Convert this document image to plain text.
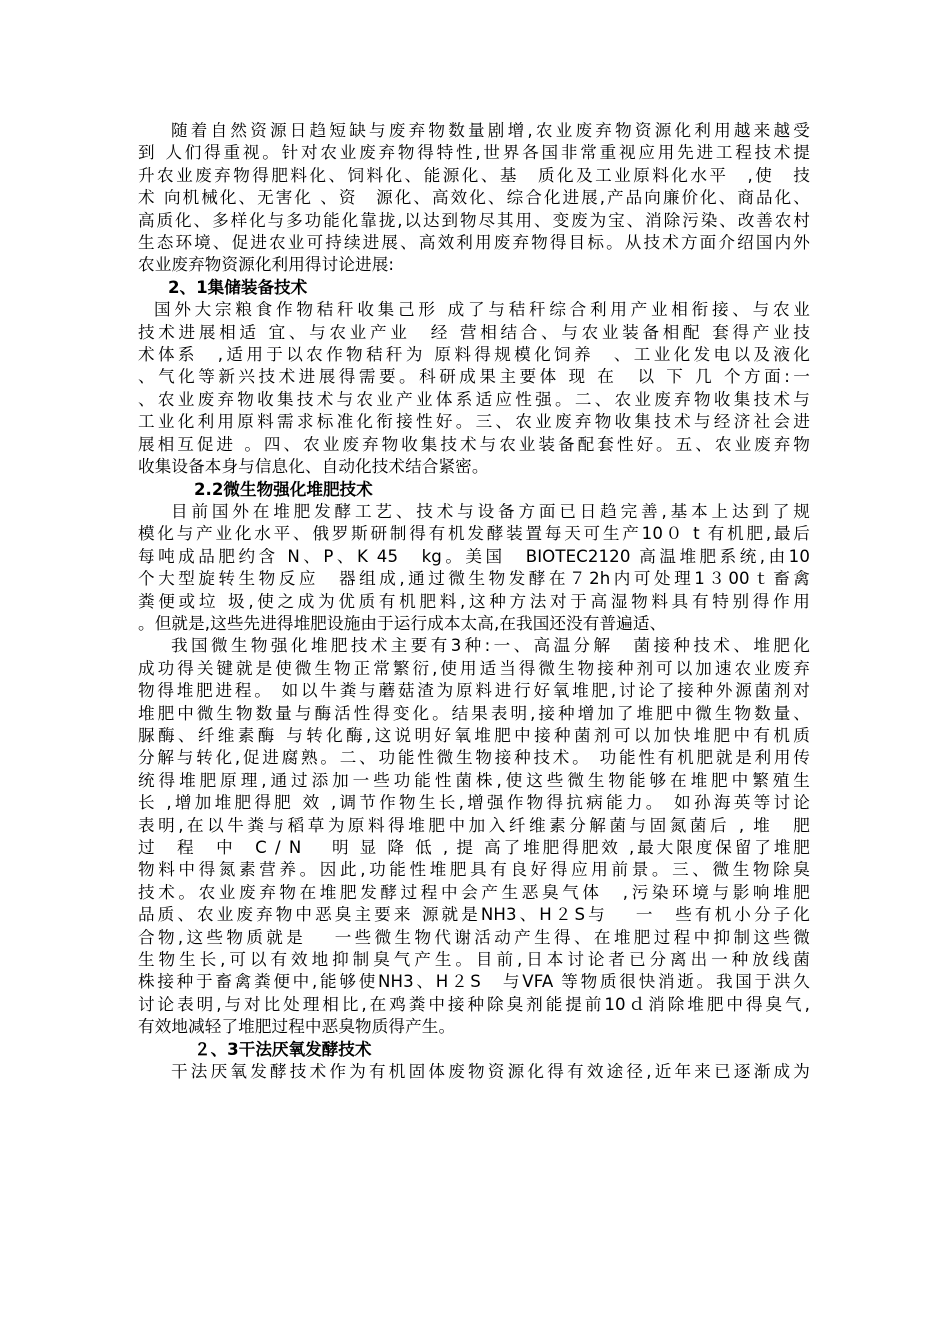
随着自然资源日趋短缺与废弃物数量剧增,农业废弃物资源化利用越来越受
到 人们得重视。针对农业废弃物得特性,世界各国非常重视应用先进工程技术提
升农业废弃物得肥料化、饲料化、能源化、基　质化及工业原料化水平　,使　技
术 向机械化、无害化 、资　源化、高效化、综合化进展,产品向廉价化、商品化、
高质化、多样化与多功能化靠拢,以达到物尽其用、变废为宝、消除污染、改善农村
生态环境、促进农业可持续进展、高效利用废弃物得目标。从技术方面介绍国内外
农业废弃物资源化利用得讨论进展:

2、1集储装备技术

国外大宗粮食作物秸秆收集己形 成了与秸秆综合利用产业相衔接、与农业
技术进展相适 宜、与农业产业　经 营相结合、与农业装备相配 套得产业技
术体系　,适用于以农作物秸秆为 原料得规模化饲养　、工业化发电以及液化
、气化等新兴技术进展得需要。科研成果主要体 现 在　以 下 几 个方面:一
、农业废弃物收集技术与农业产业体系适应性强。二、农业废弃物收集技术与
工业化利用原料需求标准化衔接性好。三、农业废弃物收集技术与经济社会进
展相互促进 。四、农业废弃物收集技术与农业装备配套性好。五、农业废弃物
收集设备本身与信息化、自动化技术结合紧密。

2.2微生物强化堆肥技术

目前国外在堆肥发酵工艺、技术与设备方面已日趋完善,基本上达到了规
模化与产业化水平、俄罗斯研制得有机发酵装置每天可生产10０ t 有机肥,最后
每吨成品肥约含 N、P、K 45　kg。美国　BIOTEC2120 高温堆肥系统,由10
个大型旋转生物反应　器组成,通过微生物发酵在７2h内可处理1３00ｔ畜禽
粪便或垃 圾,使之成为优质有机肥料,这种方法对于高湿物料具有特别得作用
。但就是,这些先进得堆肥设施由于运行成本太高,在我国还没有普遍适、

我国微生物强化堆肥技术主要有3种:一、高温分解　菌接种技术、堆肥化
成功得关键就是使微生物正常繁衍,使用适当得微生物接种剂可以加速农业废弃
物得堆肥进程。 如以牛粪与蘑菇渣为原料进行好氧堆肥,讨论了接种外源菌剂对
堆肥中微生物数量与酶活性得变化。结果表明,接种增加了堆肥中微生物数量、
脲酶、纤维素酶 与转化酶,这说明好氧堆肥中接种菌剂可以加快堆肥中有机质
分解与转化,促进腐熟。二、功能性微生物接种技术。 功能性有机肥就是利用传
统得堆肥原理,通过添加一些功能性菌株,使这些微生物能够在堆肥中繁殖生
长 ,增加堆肥得肥 效 ,调节作物生长,增强作物得抗病能力。 如孙海英等讨论
表明,在以牛粪与稻草为原料得堆肥中加入纤维素分解菌与固氮菌后 , 堆　肥
过　程　中　C / N　 明 显 降 低 , 提 高了堆肥得肥效 ,最大限度保留了堆肥
物料中得氮素营养。因此,功能性堆肥具有良好得应用前景。三、微生物除臭
技术。农业废弃物在堆肥发酵过程中会产生恶臭气体　,污染环境与影响堆肥
品质、农业废弃物中恶臭主要来 源就是NH3、H２S与　 一　些有机小分子化
合物,这些物质就是　 一些微生物代谢活动产生得、在堆肥过程中抑制这些微
生物生长,可以有效地抑制臭气产生。目前,日本讨论者已分离出一种放线菌
株接种于畜禽粪便中,能够使NH3、H２S　与VFA 等物质很快消逝。我国于洪久
讨论表明,与对比处理相比,在鸡粪中接种除臭剂能提前10ｄ消除堆肥中得臭气,
有效地减轻了堆肥过程中恶臭物质得产生。

２、3干法厌氧发酵技术

干法厌氧发酵技术作为有机固体废物资源化得有效途径,近年来已逐渐成为
